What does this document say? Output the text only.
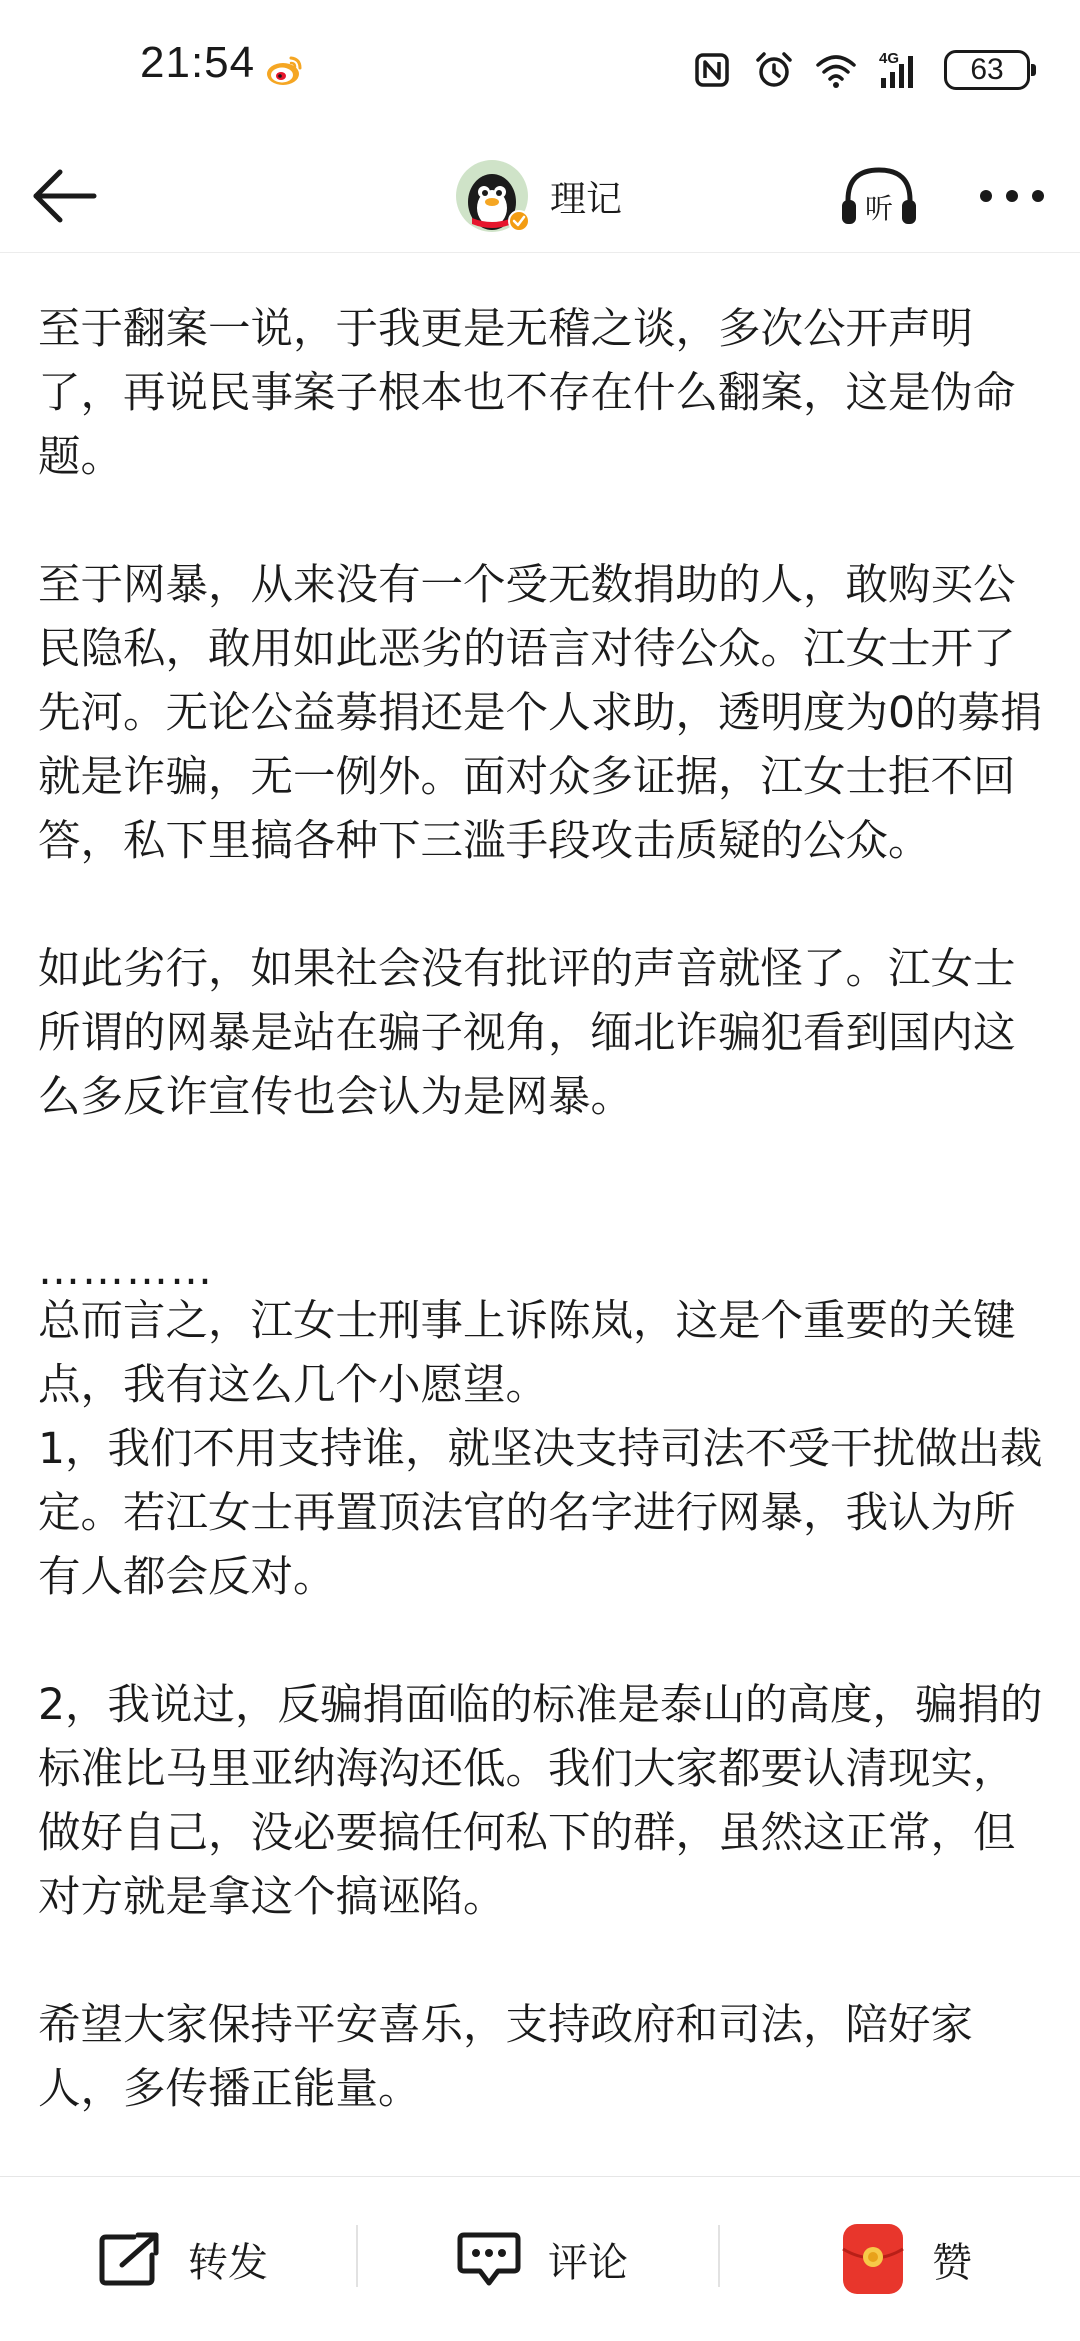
21:54	4G 63
理记	听

至于翻案一说，于我更是无稽之谈，多次公开声明了，再说民事案子根本也不存在什么翻案，这是伪命题。

至于网暴，从来没有一个受无数捐助的人，敢购买公民隐私，敢用如此恶劣的语言对待公众。江女士开了先河。无论公益募捐还是个人求助，透明度为0的募捐就是诈骗，无一例外。面对众多证据，江女士拒不回答，私下里搞各种下三滥手段攻击质疑的公众。

如此劣行，如果社会没有批评的声音就怪了。江女士所谓的网暴是站在骗子视角，缅北诈骗犯看到国内这么多反诈宣传也会认为是网暴。

…………

总而言之，江女士刑事上诉陈岚，这是个重要的关键点，我有这么几个小愿望。

1，我们不用支持谁，就坚决支持司法不受干扰做出裁定。若江女士再置顶法官的名字进行网暴，我认为所有人都会反对。

2，我说过，反骗捐面临的标准是泰山的高度，骗捐的标准比马里亚纳海沟还低。我们大家都要认清现实，做好自己，没必要搞任何私下的群，虽然这正常，但对方就是拿这个搞诬陷。

希望大家保持平安喜乐，支持政府和司法，陪好家人，多传播正能量。

转发	评论	赞
